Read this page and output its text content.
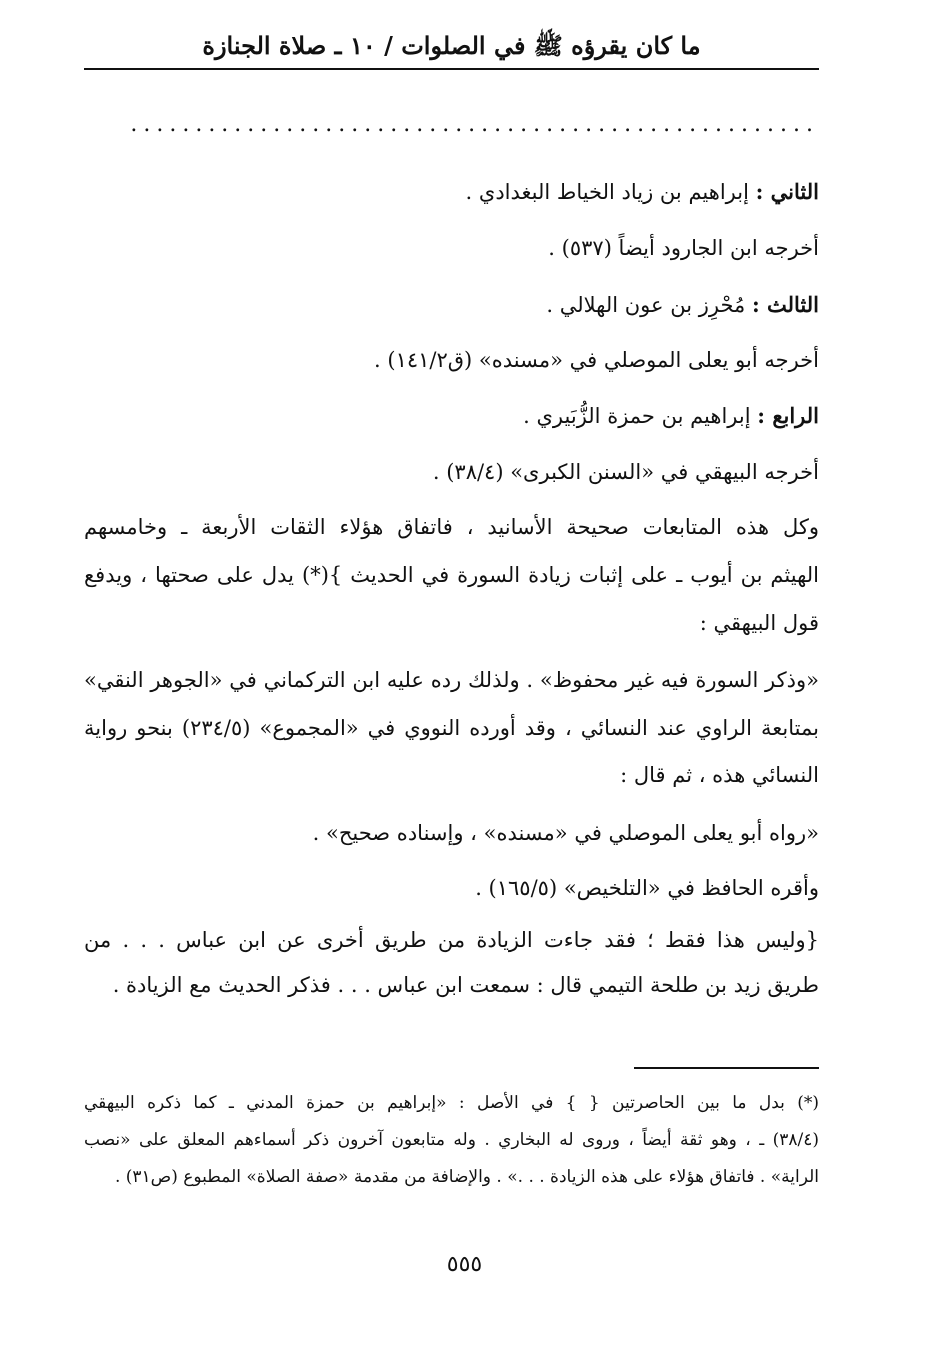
ما كان يقرؤه ﷺ في الصلوات / ١٠ ـ صلاة الجنازة
.....................................................
الثاني : إبراهيم بن زياد الخياط البغدادي .
أخرجه ابن الجارود أيضاً (٥٣٧) .
الثالث : مُحْرِز بن عون الهلالي .
أخرجه أبو يعلى الموصلي في «مسنده» (ق١٤١/٢) .
الرابع : إبراهيم بن حمزة الزُّبَيري .
أخرجه البيهقي في «السنن الكبرى» (٣٨/٤) .
وكل هذه المتابعات صحيحة الأسانيد ، فاتفاق هؤلاء الثقات الأربعة ـ وخامسهم
الهيثم بن أيوب ـ على إثبات زيادة السورة في الحديث }(*) يدل على صحتها ، ويدفع
قول البيهقي :
«وذكر السورة فيه غير محفوظ» . ولذلك رده عليه ابن التركماني في «الجوهر النقي»
بمتابعة الراوي عند النسائي ، وقد أورده النووي في «المجموع» (٢٣٤/٥) بنحو رواية
النسائي هذه ، ثم قال :
«رواه أبو يعلى الموصلي في «مسنده» ، وإسناده صحيح» .
وأقره الحافظ في «التلخيص» (١٦٥/٥) .
{وليس هذا فقط ؛ فقد جاءت الزيادة من طريق أخرى عن ابن عباس . . . من
طريق زيد بن طلحة التيمي قال : سمعت ابن عباس . . . فذكر الحديث مع الزيادة .
(*) بدل ما بين الحاصرتين { } في الأصل : «إبراهيم بن حمزة المدني ـ كما ذكره البيهقي
(٣٨/٤) ـ ، وهو ثقة أيضاً ، وروى له البخاري . وله متابعون آخرون ذكر أسماءهم المعلق على «نصب
الراية» . فاتفاق هؤلاء على هذه الزيادة . . .» . والإضافة من مقدمة «صفة الصلاة» المطبوع (ص٣١) .
٥٥٥
